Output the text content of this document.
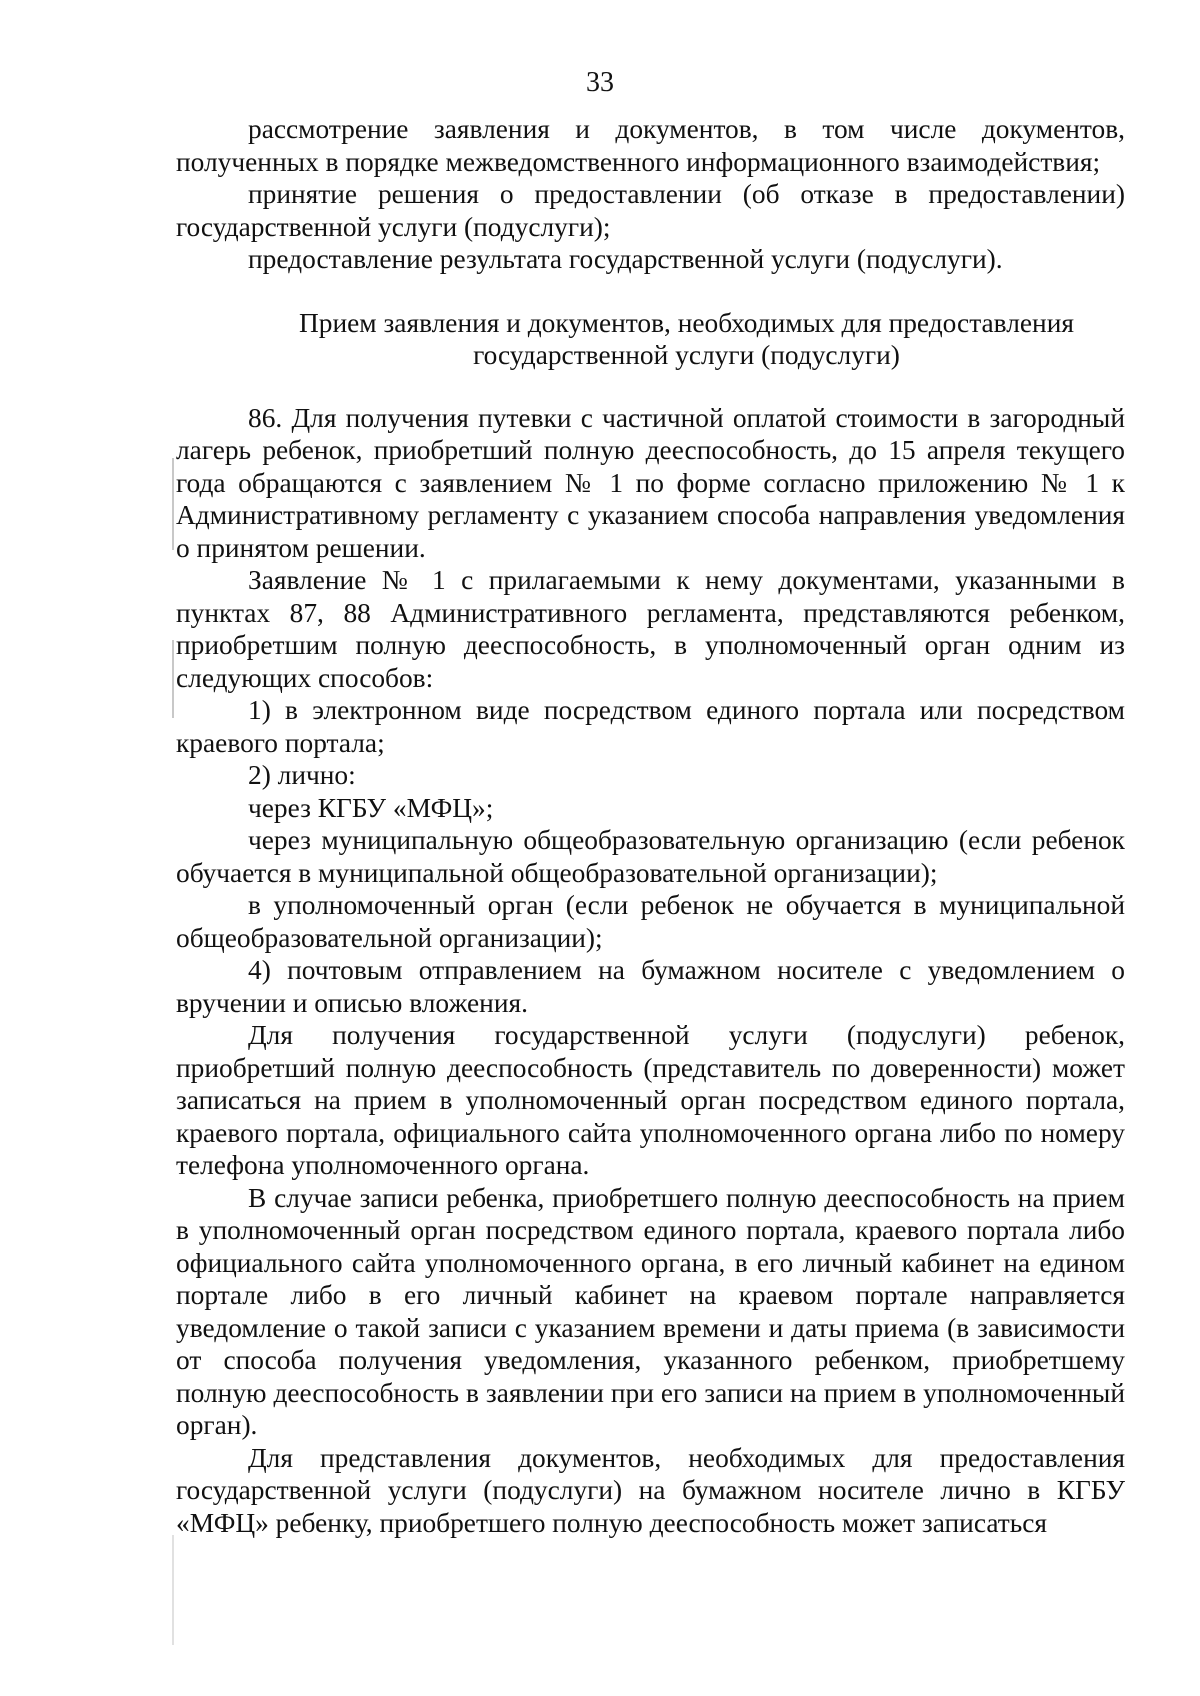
33

рассмотрение заявления и документов, в том числе документов, полученных в порядке межведомственного информационного взаимодействия;

принятие решения о предоставлении (об отказе в предоставлении) государственной услуги (подуслуги);

предоставление результата государственной услуги (подуслуги).

Прием заявления и документов, необходимых для предоставления
государственной услуги (подуслуги)

86. Для получения путевки с частичной оплатой стоимости в загородный лагерь ребенок, приобретший полную дееспособность, до 15 апреля текущего года обращаются с заявлением № 1 по форме согласно приложению № 1 к Административному регламенту с указанием способа направления уведомления о принятом решении.

Заявление № 1 с прилагаемыми к нему документами, указанными в пунктах 87, 88 Административного регламента, представляются ребенком, приобретшим полную дееспособность, в уполномоченный орган одним из следующих способов:

1) в электронном виде посредством единого портала или посредством краевого портала;

2) лично:

через КГБУ «МФЦ»;

через муниципальную общеобразовательную организацию (если ребенок обучается в муниципальной общеобразовательной организации);

в уполномоченный орган (если ребенок не обучается в муниципальной общеобразовательной организации);

4) почтовым отправлением на бумажном носителе с уведомлением о вручении и описью вложения.

Для получения государственной услуги (подуслуги) ребенок, приобретший полную дееспособность (представитель по доверенности) может записаться на прием в уполномоченный орган посредством единого портала, краевого портала, официального сайта уполномоченного органа либо по номеру телефона уполномоченного органа.

В случае записи ребенка, приобретшего полную дееспособность на прием в уполномоченный орган посредством единого портала, краевого портала либо официального сайта уполномоченного органа, в его личный кабинет на едином портале либо в его личный кабинет на краевом портале направляется уведомление о такой записи с указанием времени и даты приема (в зависимости от способа получения уведомления, указанного ребенком, приобретшему полную дееспособность в заявлении при его записи на прием в уполномоченный орган).

Для представления документов, необходимых для предоставления государственной услуги (подуслуги) на бумажном носителе лично в КГБУ «МФЦ» ребенку, приобретшего полную дееспособность может записаться
